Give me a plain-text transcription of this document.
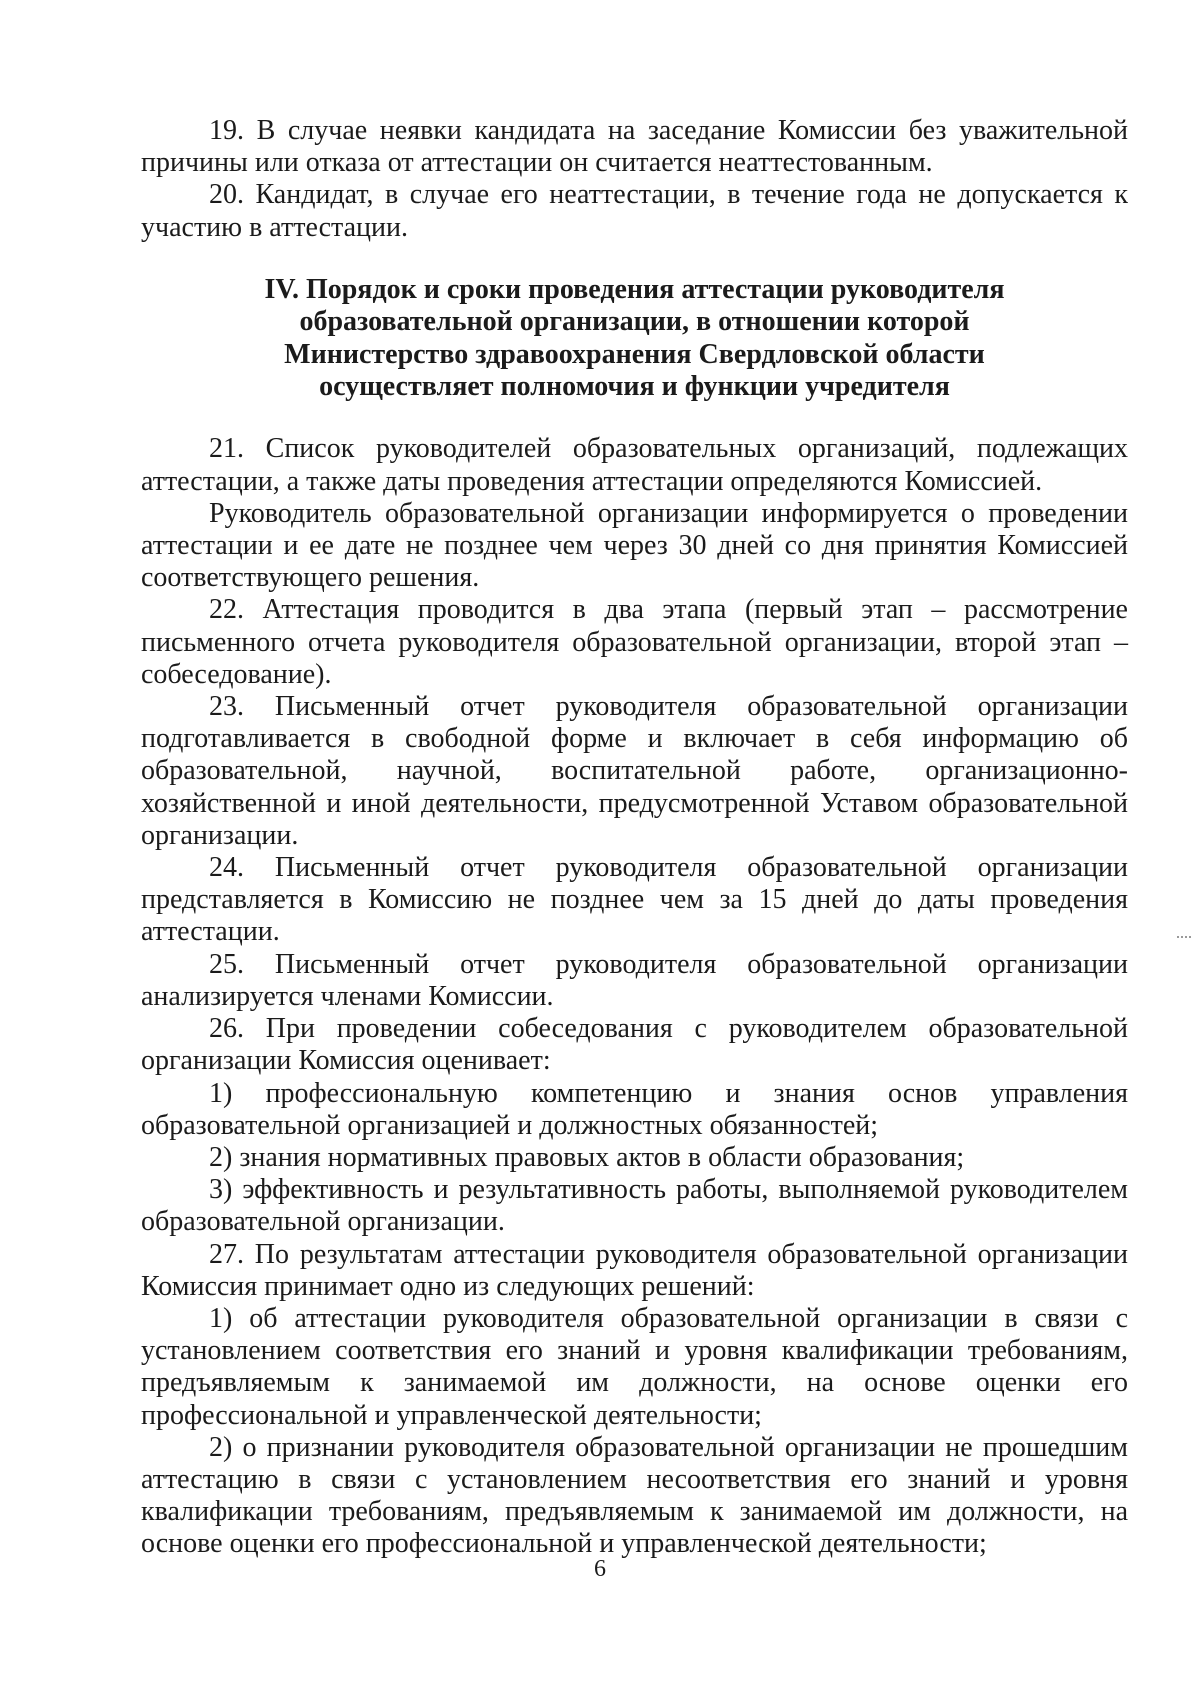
19. В случае неявки кандидата на заседание Комиссии без уважительной причины или отказа от аттестации он считается неаттестованным.

20. Кандидат, в случае его неаттестации, в течение года не допускается к участию в аттестации.

IV. Порядок и сроки проведения аттестации руководителя
образовательной организации, в отношении которой
Министерство здравоохранения Свердловской области
осуществляет полномочия и функции учредителя

21. Список руководителей образовательных организаций, подлежащих аттестации, а также даты проведения аттестации определяются Комиссией.

Руководитель образовательной организации информируется о проведении аттестации и ее дате не позднее чем через 30 дней со дня принятия Комиссией соответствующего решения.

22. Аттестация проводится в два этапа (первый этап – рассмотрение письменного отчета руководителя образовательной организации, второй этап – собеседование).

23. Письменный отчет руководителя образовательной организации подготавливается в свободной форме и включает в себя информацию об образовательной, научной, воспитательной работе, организационно-хозяйственной и иной деятельности, предусмотренной Уставом образовательной организации.

24. Письменный отчет руководителя образовательной организации представляется в Комиссию не позднее чем за 15 дней до даты проведения аттестации.

25. Письменный отчет руководителя образовательной организации анализируется членами Комиссии.

26. При проведении собеседования с руководителем образовательной организации Комиссия оценивает:

1) профессиональную компетенцию и знания основ управления образовательной организацией и должностных обязанностей;

2) знания нормативных правовых актов в области образования;

3) эффективность и результативность работы, выполняемой руководителем образовательной организации.

27. По результатам аттестации руководителя образовательной организации Комиссия принимает одно из следующих решений:

1) об аттестации руководителя образовательной организации в связи с установлением соответствия его знаний и уровня квалификации требованиям, предъявляемым к занимаемой им должности, на основе оценки его профессиональной и управленческой деятельности;

2) о признании руководителя образовательной организации не прошедшим аттестацию в связи с установлением несоответствия его знаний и уровня квалификации требованиям, предъявляемым к занимаемой им должности, на основе оценки его профессиональной и управленческой деятельности;

6
